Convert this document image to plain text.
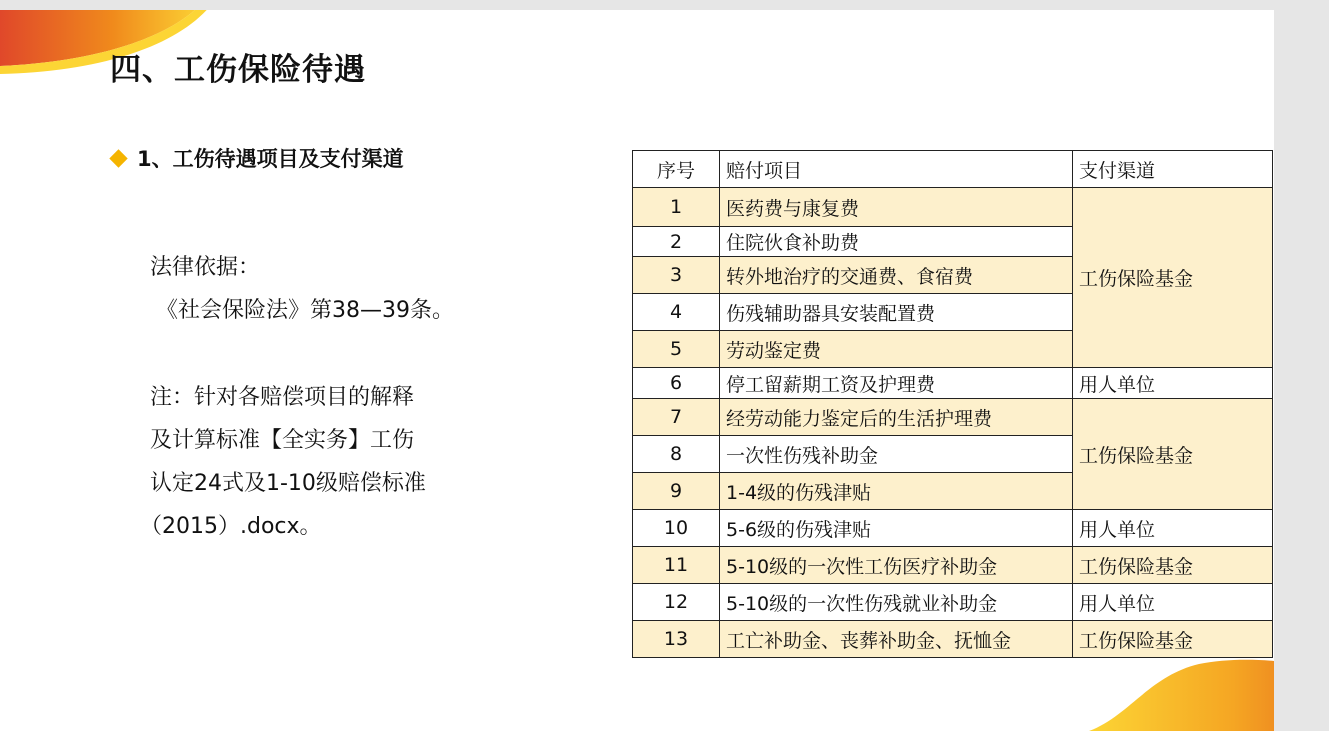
四、工伤保险待遇
1、工伤待遇项目及支付渠道
法律依据：
《社会保险法》第38—39条。
注：针对各赔偿项目的解释
及计算标准【全实务】工伤
认定24式及1-10级赔偿标准
（2015）.docx。
序号	赔付项目	支付渠道
1	医药费与康复费	工伤保险基金
2	住院伙食补助费	
3	转外地治疗的交通费、食宿费	
4	伤残辅助器具安装配置费	
5	劳动鉴定费	
6	停工留薪期工资及护理费	用人单位
7	经劳动能力鉴定后的生活护理费	工伤保险基金
8	一次性伤残补助金	
9	1-4级的伤残津贴	
10	5-6级的伤残津贴	用人单位
11	5-10级的一次性工伤医疗补助金	工伤保险基金
12	5-10级的一次性伤残就业补助金	用人单位
13	工亡补助金、丧葬补助金、抚恤金	工伤保险基金
